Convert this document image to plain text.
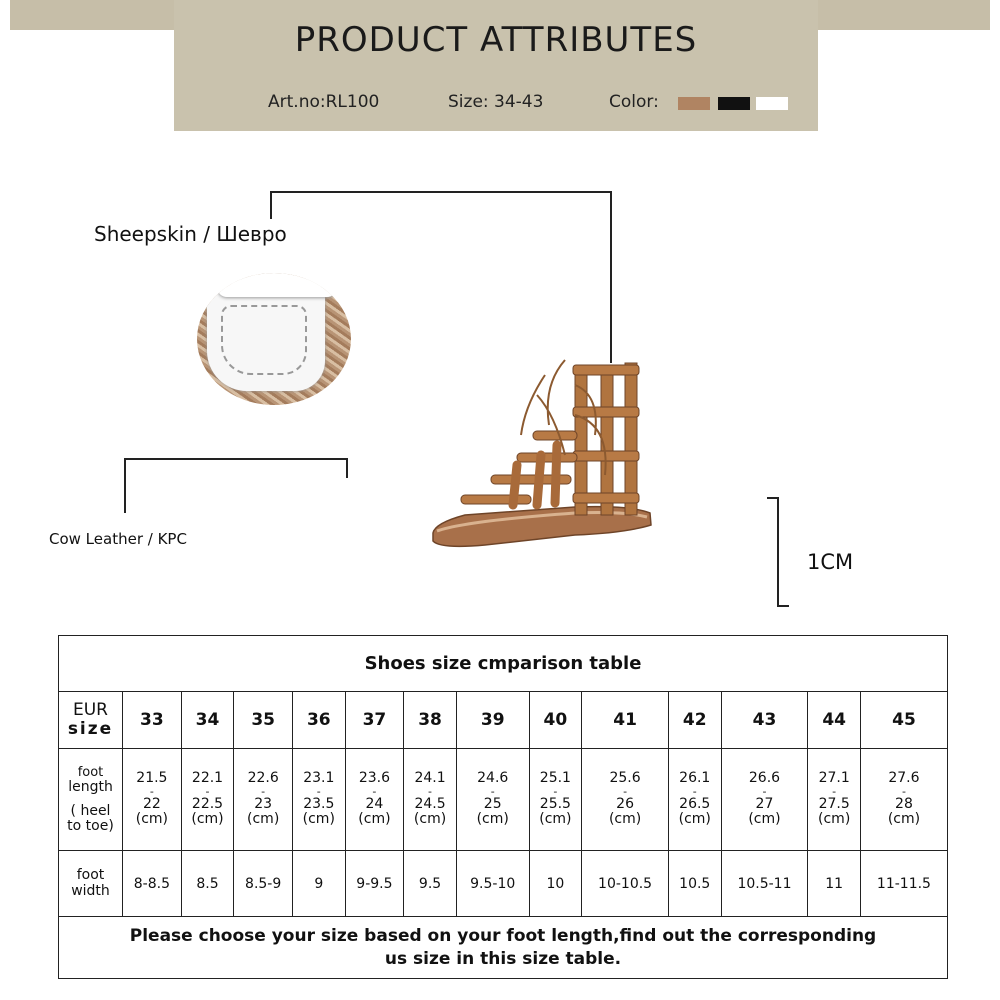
PRODUCT ATTRIBUTES
Art.no:RL100	Size: 34-43	Color:
Sheepskin / Шевро
Cow Leather / KPC
1CM
Shoes size cmparison table													
EUR
size	33	34	35	36	37	38	39	40	41	42	43	44	45
foot
length

( heel
to toe)	21.5
-
22
(cm)	22.1
-
22.5
(cm)	22.6
-
23
(cm)	23.1
-
23.5
(cm)	23.6
-
24
(cm)	24.1
-
24.5
(cm)	24.6
-
25
(cm)	25.1
-
25.5
(cm)	25.6
-
26
(cm)	26.1
-
26.5
(cm)	26.6
-
27
(cm)	27.1
-
27.5
(cm)	27.6
-
28
(cm)

foot
width	8-8.5	8.5	8.5-9	9	9-9.5	9.5	9.5-10	10	10-10.5	10.5	10.5-11	11	11-11.5
Please choose your size based on your foot length,find out the corresponding
us size in this size table.													
